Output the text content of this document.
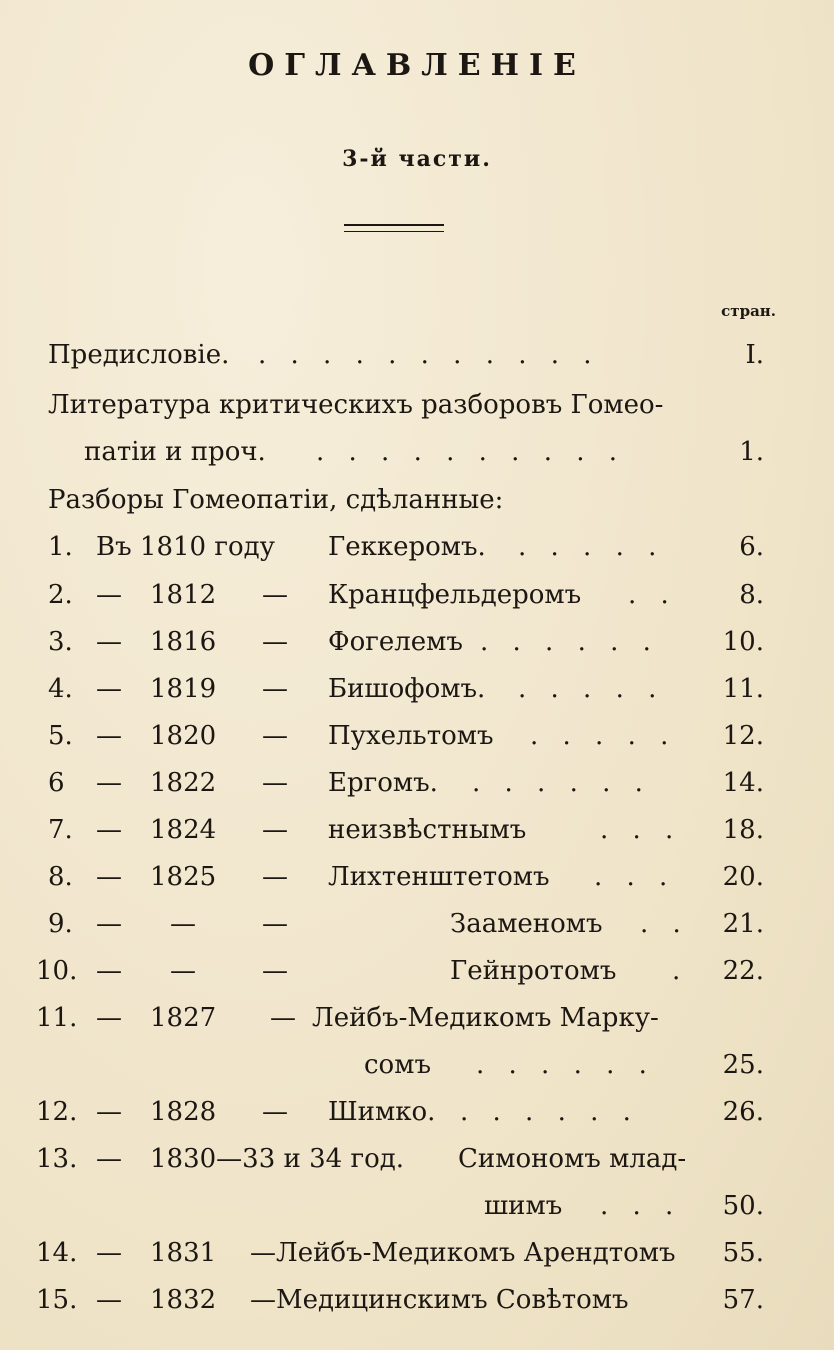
ОГЛАВЛЕНІЕ
3-й части.
стран.
Предисловіе. . . . . . . . . . . .	I.
Литература критическихъ разборовъ Гомео-
патіи и проч. . . . . . . . . . .	1.
Разборы Гомеопатіи, сдѣланные:
1. Въ 1810 году Геккеромъ. . . . . .	6.
2. — 1812 — Кранцфельдеромъ . . 8.
3. — 1816 — Фогелемъ . . . . . . 10.
4. — 1819 — Бишофомъ. . . . . . 11.
5. — 1820 — Пухельтомъ . . . . . 12.
6 — 1822 — Ергомъ. . . . . . .	14.
7. — 1824 — неизвѣстнымъ	. . . 18.
8. — 1825 — Лихтенштетомъ . . . 20.
9. — —	—	Зааменомъ . . 21.
10. — —	—	Гейнротомъ . 22.
11. — 1827 — Лейбъ-Медикомъ Марку-
сомъ . . . . . .	25.
12. — 1828 — Шимко. . . . . . .	26.
13. — 1830—33 и 34 год. Симономъ млад-
шимъ . . . 50.
14. — 1831 —Лейбъ-Медикомъ Арендтомъ 55.
15. — 1832 —Медицинскимъ Совѣтомъ	57.
